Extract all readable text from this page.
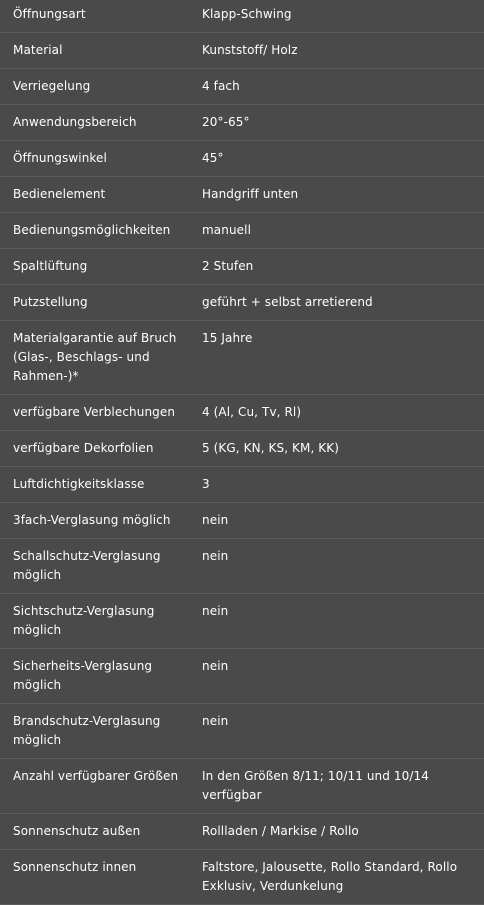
Öffnungsart	Klapp-Schwing
Material	Kunststoff/ Holz
Verriegelung	4 fach
Anwendungsbereich	20°-65°
Öffnungswinkel	45°
Bedienelement	Handgriff unten
Bedienungsmöglichkeiten	manuell
Spaltlüftung	2 Stufen
Putzstellung	geführt + selbst arretierend
Materialgarantie auf Bruch (Glas-, Beschlags- und Rahmen-)*	15 Jahre
verfügbare Verblechungen	4 (Al, Cu, Tv, Rl)
verfügbare Dekorfolien	5 (KG, KN, KS, KM, KK)
Luftdichtigkeitsklasse	3
3fach-Verglasung möglich	nein
Schallschutz-Verglasung möglich	nein
Sichtschutz-Verglasung möglich	nein
Sicherheits-Verglasung möglich	nein
Brandschutz-Verglasung möglich	nein
Anzahl verfügbarer Größen	In den Größen 8/11; 10/11 und 10/14 verfügbar
Sonnenschutz außen	Rollladen / Markise / Rollo
Sonnenschutz innen	Faltstore, Jalousette, Rollo Standard, Rollo Exklusiv, Verdunkelung
